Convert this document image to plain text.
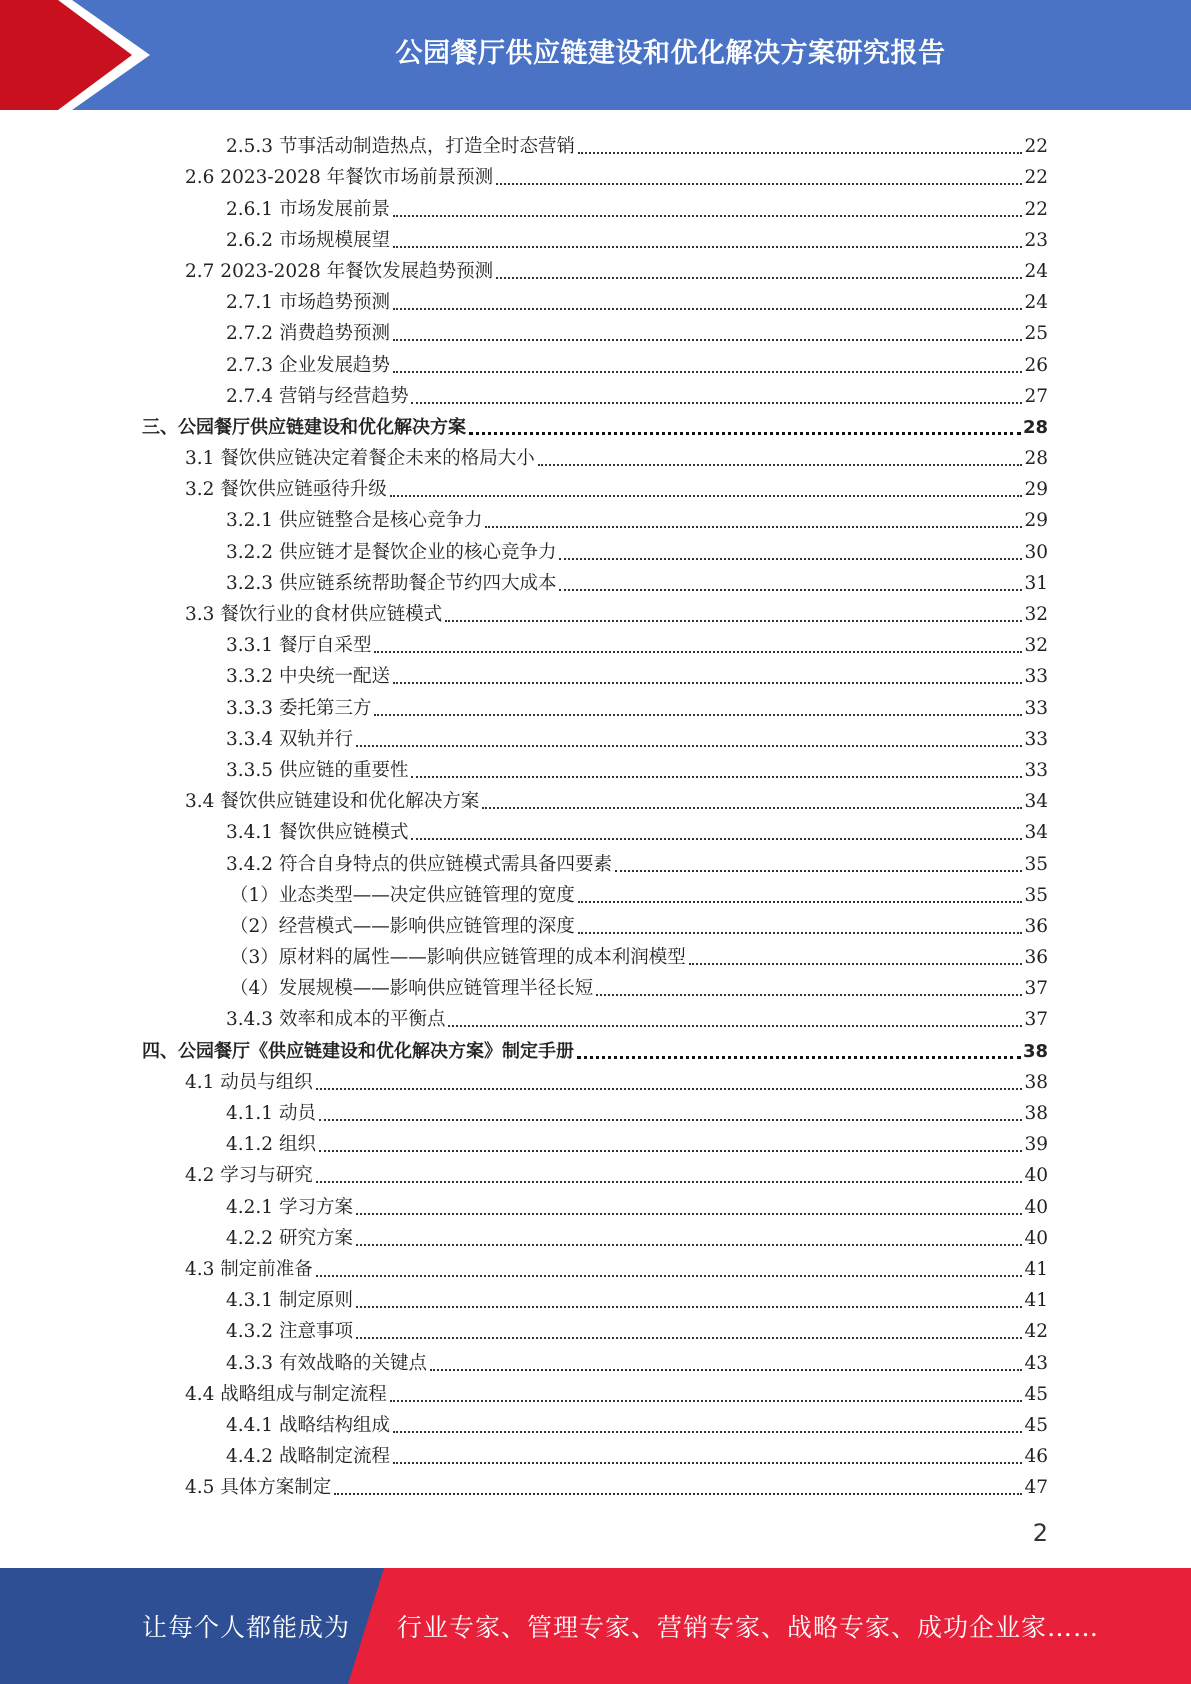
公园餐厅供应链建设和优化解决方案研究报告
2.5.3 节事活动制造热点，打造全时态营销	22
2.6 2023-2028 年餐饮市场前景预测	22
2.6.1 市场发展前景	22
2.6.2 市场规模展望	23
2.7 2023-2028 年餐饮发展趋势预测	24
2.7.1 市场趋势预测	24
2.7.2 消费趋势预测	25
2.7.3 企业发展趋势	26
2.7.4 营销与经营趋势	27
三、公园餐厅供应链建设和优化解决方案	28
3.1 餐饮供应链决定着餐企未来的格局大小	28
3.2 餐饮供应链亟待升级	29
3.2.1 供应链整合是核心竞争力	29
3.2.2 供应链才是餐饮企业的核心竞争力	30
3.2.3 供应链系统帮助餐企节约四大成本	31
3.3 餐饮行业的食材供应链模式	32
3.3.1 餐厅自采型	32
3.3.2 中央统一配送	33
3.3.3 委托第三方	33
3.3.4 双轨并行	33
3.3.5 供应链的重要性	33
3.4 餐饮供应链建设和优化解决方案	34
3.4.1 餐饮供应链模式	34
3.4.2 符合自身特点的供应链模式需具备四要素	35
（1）业态类型——决定供应链管理的宽度	35
（2）经营模式——影响供应链管理的深度	36
（3）原材料的属性——影响供应链管理的成本利润模型	36
（4）发展规模——影响供应链管理半径长短	37
3.4.3 效率和成本的平衡点	37
四、公园餐厅《供应链建设和优化解决方案》制定手册	38
4.1 动员与组织	38
4.1.1 动员	38
4.1.2 组织	39
4.2 学习与研究	40
4.2.1 学习方案	40
4.2.2 研究方案	40
4.3 制定前准备	41
4.3.1 制定原则	41
4.3.2 注意事项	42
4.3.3 有效战略的关键点	43
4.4 战略组成与制定流程	45
4.4.1 战略结构组成	45
4.4.2 战略制定流程	46
4.5 具体方案制定	47
2
让每个人都能成为 行业专家、管理专家、营销专家、战略专家、成功企业家……
